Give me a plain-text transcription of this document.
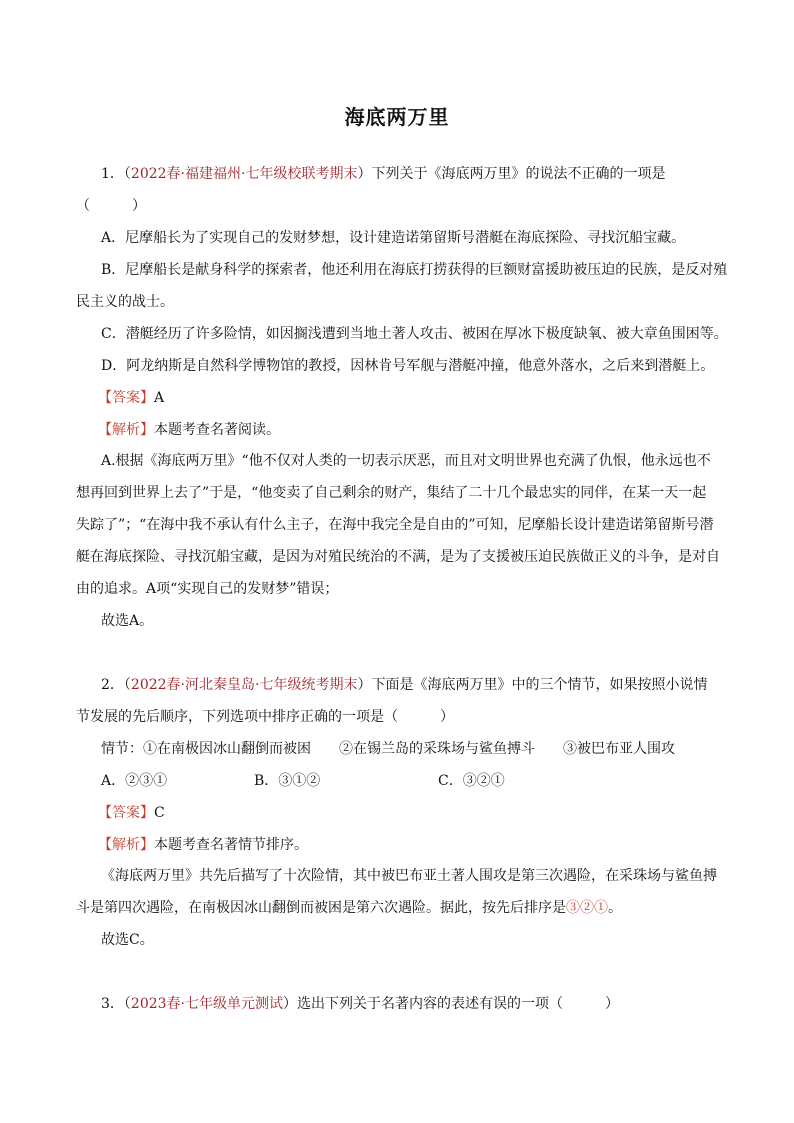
海底两万里
1．（2022春·福建福州·七年级校联考期末）下列关于《海底两万里》的说法不正确的一项是
（　　　）
A．尼摩船长为了实现自己的发财梦想，设计建造诺第留斯号潜艇在海底探险、寻找沉船宝藏。
B．尼摩船长是献身科学的探索者，他还利用在海底打捞获得的巨额财富援助被压迫的民族，是反对殖
民主义的战士。
C．潜艇经历了许多险情，如因搁浅遭到当地土著人攻击、被困在厚冰下极度缺氧、被大章鱼围困等。
D．阿龙纳斯是自然科学博物馆的教授，因林肯号军舰与潜艇冲撞，他意外落水，之后来到潜艇上。
【答案】A
【解析】本题考查名著阅读。
A.根据《海底两万里》“他不仅对人类的一切表示厌恶，而且对文明世界也充满了仇恨，他永远也不
想再回到世界上去了”于是，“他变卖了自己剩余的财产，集结了二十几个最忠实的同伴，在某一天一起
失踪了”；“在海中我不承认有什么主子，在海中我完全是自由的”可知，尼摩船长设计建造诺第留斯号潜
艇在海底探险、寻找沉船宝藏，是因为对殖民统治的不满，是为了支援被压迫民族做正义的斗争，是对自
由的追求。A项“实现自己的发财梦”错误；
故选A。
2．（2022春·河北秦皇岛·七年级统考期末）下面是《海底两万里》中的三个情节，如果按照小说情
节发展的先后顺序，下列选项中排序正确的一项是（　　　）
情节：①在南极因冰山翻倒而被困　　②在锡兰岛的采珠场与鲨鱼搏斗　　③被巴布亚人围攻
A．②③①	B．③①②	C．③②①
【答案】C
【解析】本题考查名著情节排序。
《海底两万里》共先后描写了十次险情，其中被巴布亚土著人围攻是第三次遇险，在采珠场与鲨鱼搏
斗是第四次遇险，在南极因冰山翻倒而被困是第六次遇险。据此，按先后排序是③②①。
故选C。
3．（2023春·七年级单元测试）选出下列关于名著内容的表述有误的一项（　　　）
